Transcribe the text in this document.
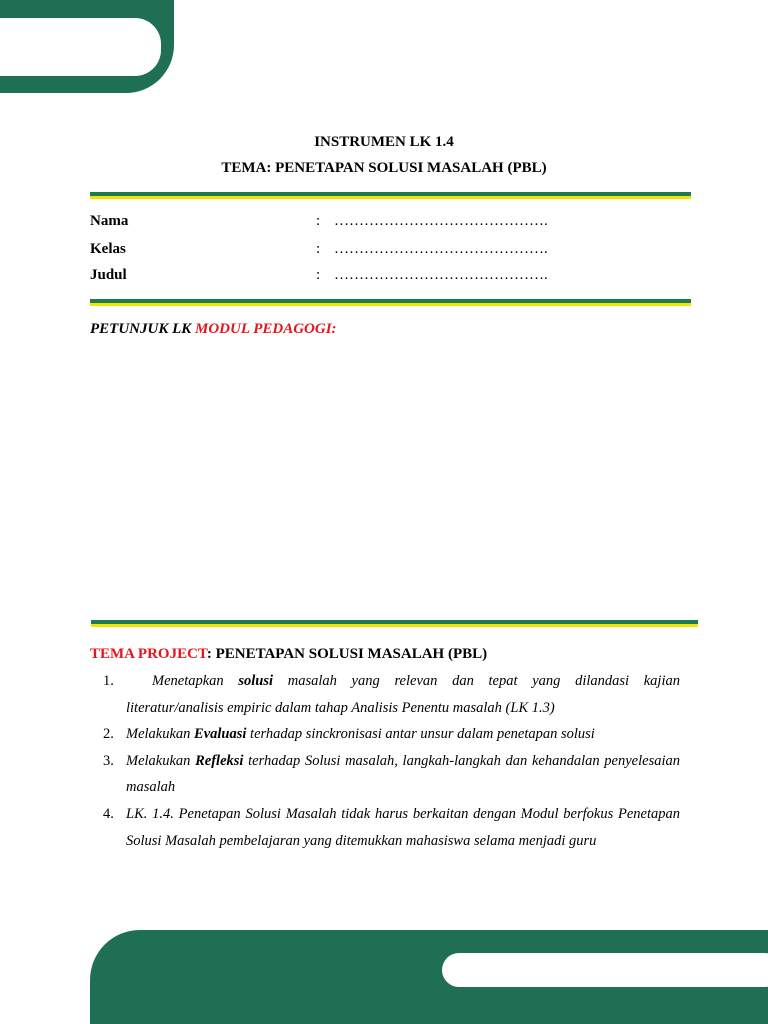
INSTRUMEN LK 1.4
TEMA: PENETAPAN SOLUSI MASALAH (PBL)
Nama	: …………………………………….
Kelas	: …………………………………….
Judul	: …………………………………….
PETUNJUK LK MODUL PEDAGOGI:
TEMA PROJECT: PENETAPAN SOLUSI MASALAH (PBL)
1.	Menetapkan solusi masalah yang relevan dan tepat yang dilandasi kajian literatur/analisis empiric dalam tahap Analisis Penentu masalah (LK 1.3)
2. Melakukan Evaluasi terhadap sinckronisasi antar unsur dalam penetapan solusi
3. Melakukan Refleksi terhadap Solusi masalah, langkah-langkah dan kehandalan penyelesaian masalah
4. LK. 1.4. Penetapan Solusi Masalah tidak harus berkaitan dengan Modul berfokus Penetapan Solusi Masalah pembelajaran yang ditemukkan mahasiswa selama menjadi guru
